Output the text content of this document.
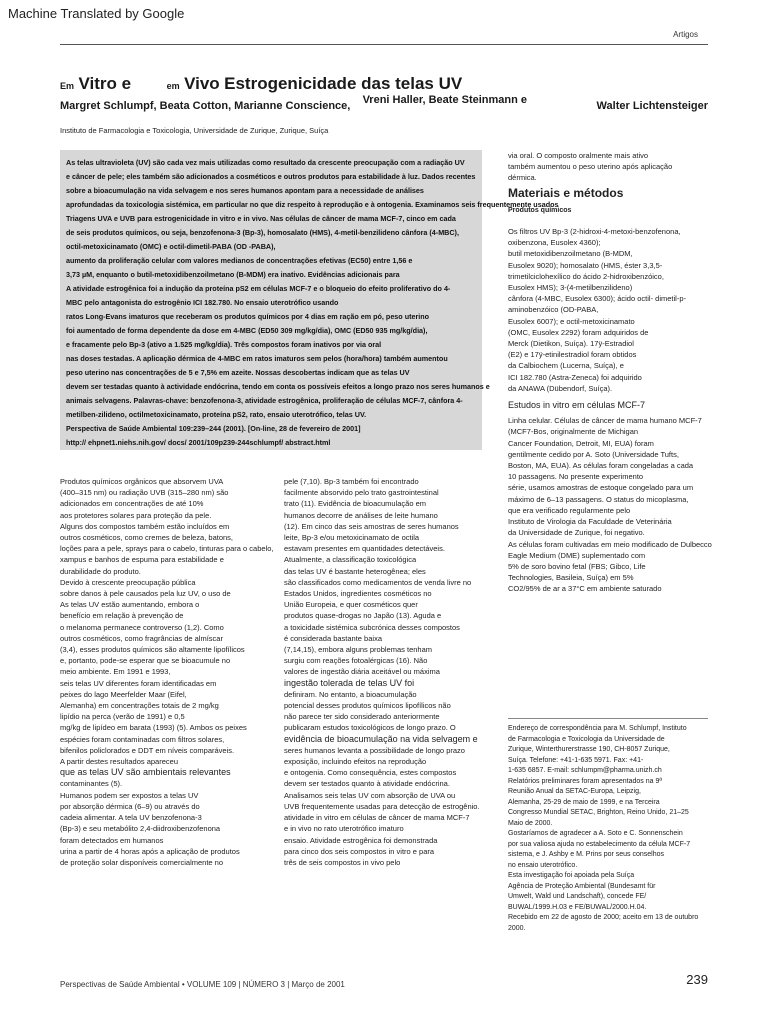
Machine Translated by Google
Artigos
Em Vitro e	em Vivo Estrogenicidade das telas UV
Margret Schlumpf, Beata Cotton, Marianne Conscience, Vreni Haller, Beate Steinmann e	Walter Lichtensteiger
Instituto de Farmacologia e Toxicologia, Universidade de Zurique, Zurique, Suíça

As telas ultravioleta (UV) são cada vez mais utilizadas como resultado da crescente preocupação com a radiação UV

e câncer de pele; eles também são adicionados a cosméticos e outros produtos para estabilidade à luz. Dados recentes

sobre a bioacumulação na vida selvagem e nos seres humanos apontam para a necessidade de análises

aprofundadas da toxicologia sistémica, em particular no que diz respeito à reprodução e à ontogenia. Examinamos seis frequentemente usados

Triagens UVA e UVB para estrogenicidade in vitro e in vivo. Nas células de câncer de mama MCF-7, cinco em cada

de seis produtos químicos, ou seja, benzofenona-3 (Bp-3), homosalato (HMS), 4-metil-benzilideno cânfora (4-MBC),

octil-metoxicinamato (OMC) e octil-dimetil-PABA (OD -PABA),

aumento da proliferação celular com valores medianos de concentrações efetivas (EC50) entre 1,56 e

3,73 µM, enquanto o butil-metoxidibenzoilmetano (B-MDM) era inativo. Evidências adicionais para

A atividade estrogênica foi a indução da proteína pS2 em células MCF-7 e o bloqueio do efeito proliferativo do 4-

MBC pelo antagonista do estrogênio ICI 182.780. No ensaio uterotrófico usando

ratos Long-Evans imaturos que receberam os produtos químicos por 4 dias em ração em pó, peso uterino

foi aumentado de forma dependente da dose em 4-MBC (ED50 309 mg/kg/dia), OMC (ED50 935 mg/kg/dia),

e fracamente pelo Bp-3 (ativo a 1.525 mg/kg/dia). Três compostos foram inativos por via oral

nas doses testadas. A aplicação dérmica de 4-MBC em ratos imaturos sem pelos (hora/hora) também aumentou

peso uterino nas concentrações de 5 e 7,5% em azeite. Nossas descobertas indicam que as telas UV

devem ser testadas quanto à actividade endócrina, tendo em conta os possíveis efeitos a longo prazo nos seres humanos e

animais selvagens. Palavras-chave: benzofenona-3, atividade estrogênica, proliferação de células MCF-7, cânfora 4-

metilben-zilideno, octilmetoxicinamato, proteína pS2, rato, ensaio uterotrófico, telas UV.

Perspectiva de Saúde Ambiental 109:239–244 (2001). [On-line, 28 de fevereiro de 2001]

http:// ehpnet1.niehs.nih.gov/ docs/ 2001/109p239-244schlumpf/ abstract.html

Produtos químicos orgânicos que absorvem UVA

(400–315 nm) ou radiação UVB (315–280 nm) são

adicionados em concentrações de até 10%

aos protetores solares para proteção da pele.

Alguns dos compostos também estão incluídos em

outros cosméticos, como cremes de beleza, batons,

loções para a pele, sprays para o cabelo, tinturas para o cabelo,

xampus e banhos de espuma para estabilidade e

durabilidade do produto.

Devido à crescente preocupação pública

sobre danos à pele causados pela luz UV, o uso de

As telas UV estão aumentando, embora o

benefício em relação à prevenção de

o melanoma permanece controverso (1,2). Como

outros cosméticos, como fragrâncias de almíscar

(3,4), esses produtos químicos são altamente lipofílicos

e, portanto, pode-se esperar que se bioacumule no

meio ambiente. Em 1991 e 1993,

seis telas UV diferentes foram identificadas em

peixes do lago Meerfelder Maar (Eifel,

Alemanha) em concentrações totais de 2 mg/kg

lipídio na perca (verão de 1991) e 0,5

mg/kg de lipídeo em barata (1993) (5). Ambos os peixes

espécies foram contaminadas com filtros solares,

bifenilos policlorados e DDT em níveis comparáveis.

A partir destes resultados apareceu

que as telas UV são ambientais relevantes

contaminantes (5).

Humanos podem ser expostos a telas UV

por absorção dérmica (6–9) ou através do

cadeia alimentar. A tela UV benzofenona-3

(Bp-3) e seu metabólito 2,4-diidroxibenzofenona

foram detectados em humanos

urina a partir de 4 horas após a aplicação de produtos

de proteção solar disponíveis comercialmente no

pele (7,10). Bp-3 também foi encontrado

facilmente absorvido pelo trato gastrointestinal

trato (11). Evidência de bioacumulação em

humanos decorre de análises de leite humano

(12). Em cinco das seis amostras de seres humanos

leite, Bp-3 e/ou metoxicinamato de octila

estavam presentes em quantidades detectáveis.

Atualmente, a classificação toxicológica

das telas UV é bastante heterogênea; eles

são classificados como medicamentos de venda livre no

Estados Unidos, ingredientes cosméticos no

União Europeia, e quer cosméticos quer

produtos quase-drogas no Japão (13). Aguda e

a toxicidade sistémica subcrónica desses compostos

é considerada bastante baixa

(7,14,15), embora alguns problemas tenham

surgiu com reações fotoalérgicas (16). Não

valores de ingestão diária aceitável ou máxima

ingestão tolerada de telas UV foi

definiram. No entanto, a bioacumulação

potencial desses produtos químicos lipofílicos não

não parece ter sido considerado anteriormente

publicaram estudos toxicológicos de longo prazo. O

evidência de bioacumulação na vida selvagem e

seres humanos levanta a possibilidade de longo prazo

exposição, incluindo efeitos na reprodução

e ontogenia. Como consequência, estes compostos

devem ser testados quanto à atividade endócrina.

Analisamos seis telas UV com absorção de UVA ou

UVB frequentemente usadas para detecção de estrogênio.

atividade in vitro em células de câncer de mama MCF-7

e in vivo no rato uterotrófico imaturo

ensaio. Atividade estrogênica foi demonstrada

para cinco dos seis compostos in vitro e para

três de seis compostos in vivo pelo

via oral. O composto oralmente mais ativo

também aumentou o peso uterino após aplicação

dérmica.

Materiais e métodos

Produtos químicos

Os filtros UV Bp-3 (2-hidroxi-4-metoxi-benzofenona,

oxibenzona, Eusolex 4360);

butil metoxidibenzoilmetano (B-MDM,

Eusolex 9020); homosalato (HMS, éster 3,3,5-

trimetilciclohexílico do ácido 2-hidroxibenzóico,

Eusolex HMS); 3-(4-metilbenzilideno)

cânfora (4-MBC, Eusolex 6300); ácido octil- dimetil-p-

aminobenzóico (OD-PABA,

Eusolex 6007); e octil-metoxicinamato

(OMC, Eusolex 2292) foram adquiridos de

Merck (Dietikon, Suíça). 17ÿ-Estradiol

(E2) e 17ÿ-etinilestradiol foram obtidos

da Calbiochem (Lucerna, Suíça), e

ICI 182.780 (Astra-Zeneca) foi adquirido

da ANAWA (Dübendorf, Suíça).

Estudos in vitro em células MCF-7

Linha celular. Células de câncer de mama humano MCF-7

(MCF7-Bos, originalmente de Michigan

Cancer Foundation, Detroit, MI, EUA) foram

gentilmente cedido por A. Soto (Universidade Tufts,

Boston, MA, EUA). As células foram congeladas a cada

10 passagens. No presente experimento

série, usamos amostras de estoque congelado para um

máximo de 6–13 passagens. O status do micoplasma,

que era verificado regularmente pelo

Instituto de Virologia da Faculdade de Veterinária

da Universidade de Zurique, foi negativo.

As células foram cultivadas em meio modificado de Dulbecco

Eagle Medium (DME) suplementado com

5% de soro bovino fetal (FBS; Gibco, Life

Technologies, Basileia, Suíça) em 5%

CO2/95% de ar a 37°C em ambiente saturado

Endereço de correspondência para M. Schlumpf, Instituto

de Farmacologia e Toxicologia da Universidade de

Zurique, Winterthurerstrasse 190, CH-8057 Zurique,

Suíça. Telefone: +41-1-635 5971. Fax: +41-

1-635 6857. E-mail: schlumpm@pharma.unizh.ch

Relatórios preliminares foram apresentados na 9ª

Reunião Anual da SETAC-Europa, Leipzig,

Alemanha, 25-29 de maio de 1999, e na Terceira

Congresso Mundial SETAC, Brighton, Reino Unido, 21–25

Maio de 2000.

Gostaríamos de agradecer a A. Soto e C. Sonnenschein

por sua valiosa ajuda no estabelecimento da célula MCF-7

sistema, e J. Ashby e M. Prins por seus conselhos

no ensaio uterotrófico.

Esta investigação foi apoiada pela Suíça

Agência de Proteção Ambiental (Bundesamt für

Umwelt, Wald und Landschaft), concede FE/

BUWAL/1999.H.03 e FE/BUWAL/2000.H.04.

Recebido em 22 de agosto de 2000; aceito em 13 de outubro

2000.

Perspectivas de Saúde Ambiental • VOLUME 109 | NÚMERO 3 | Março de 2001	239
